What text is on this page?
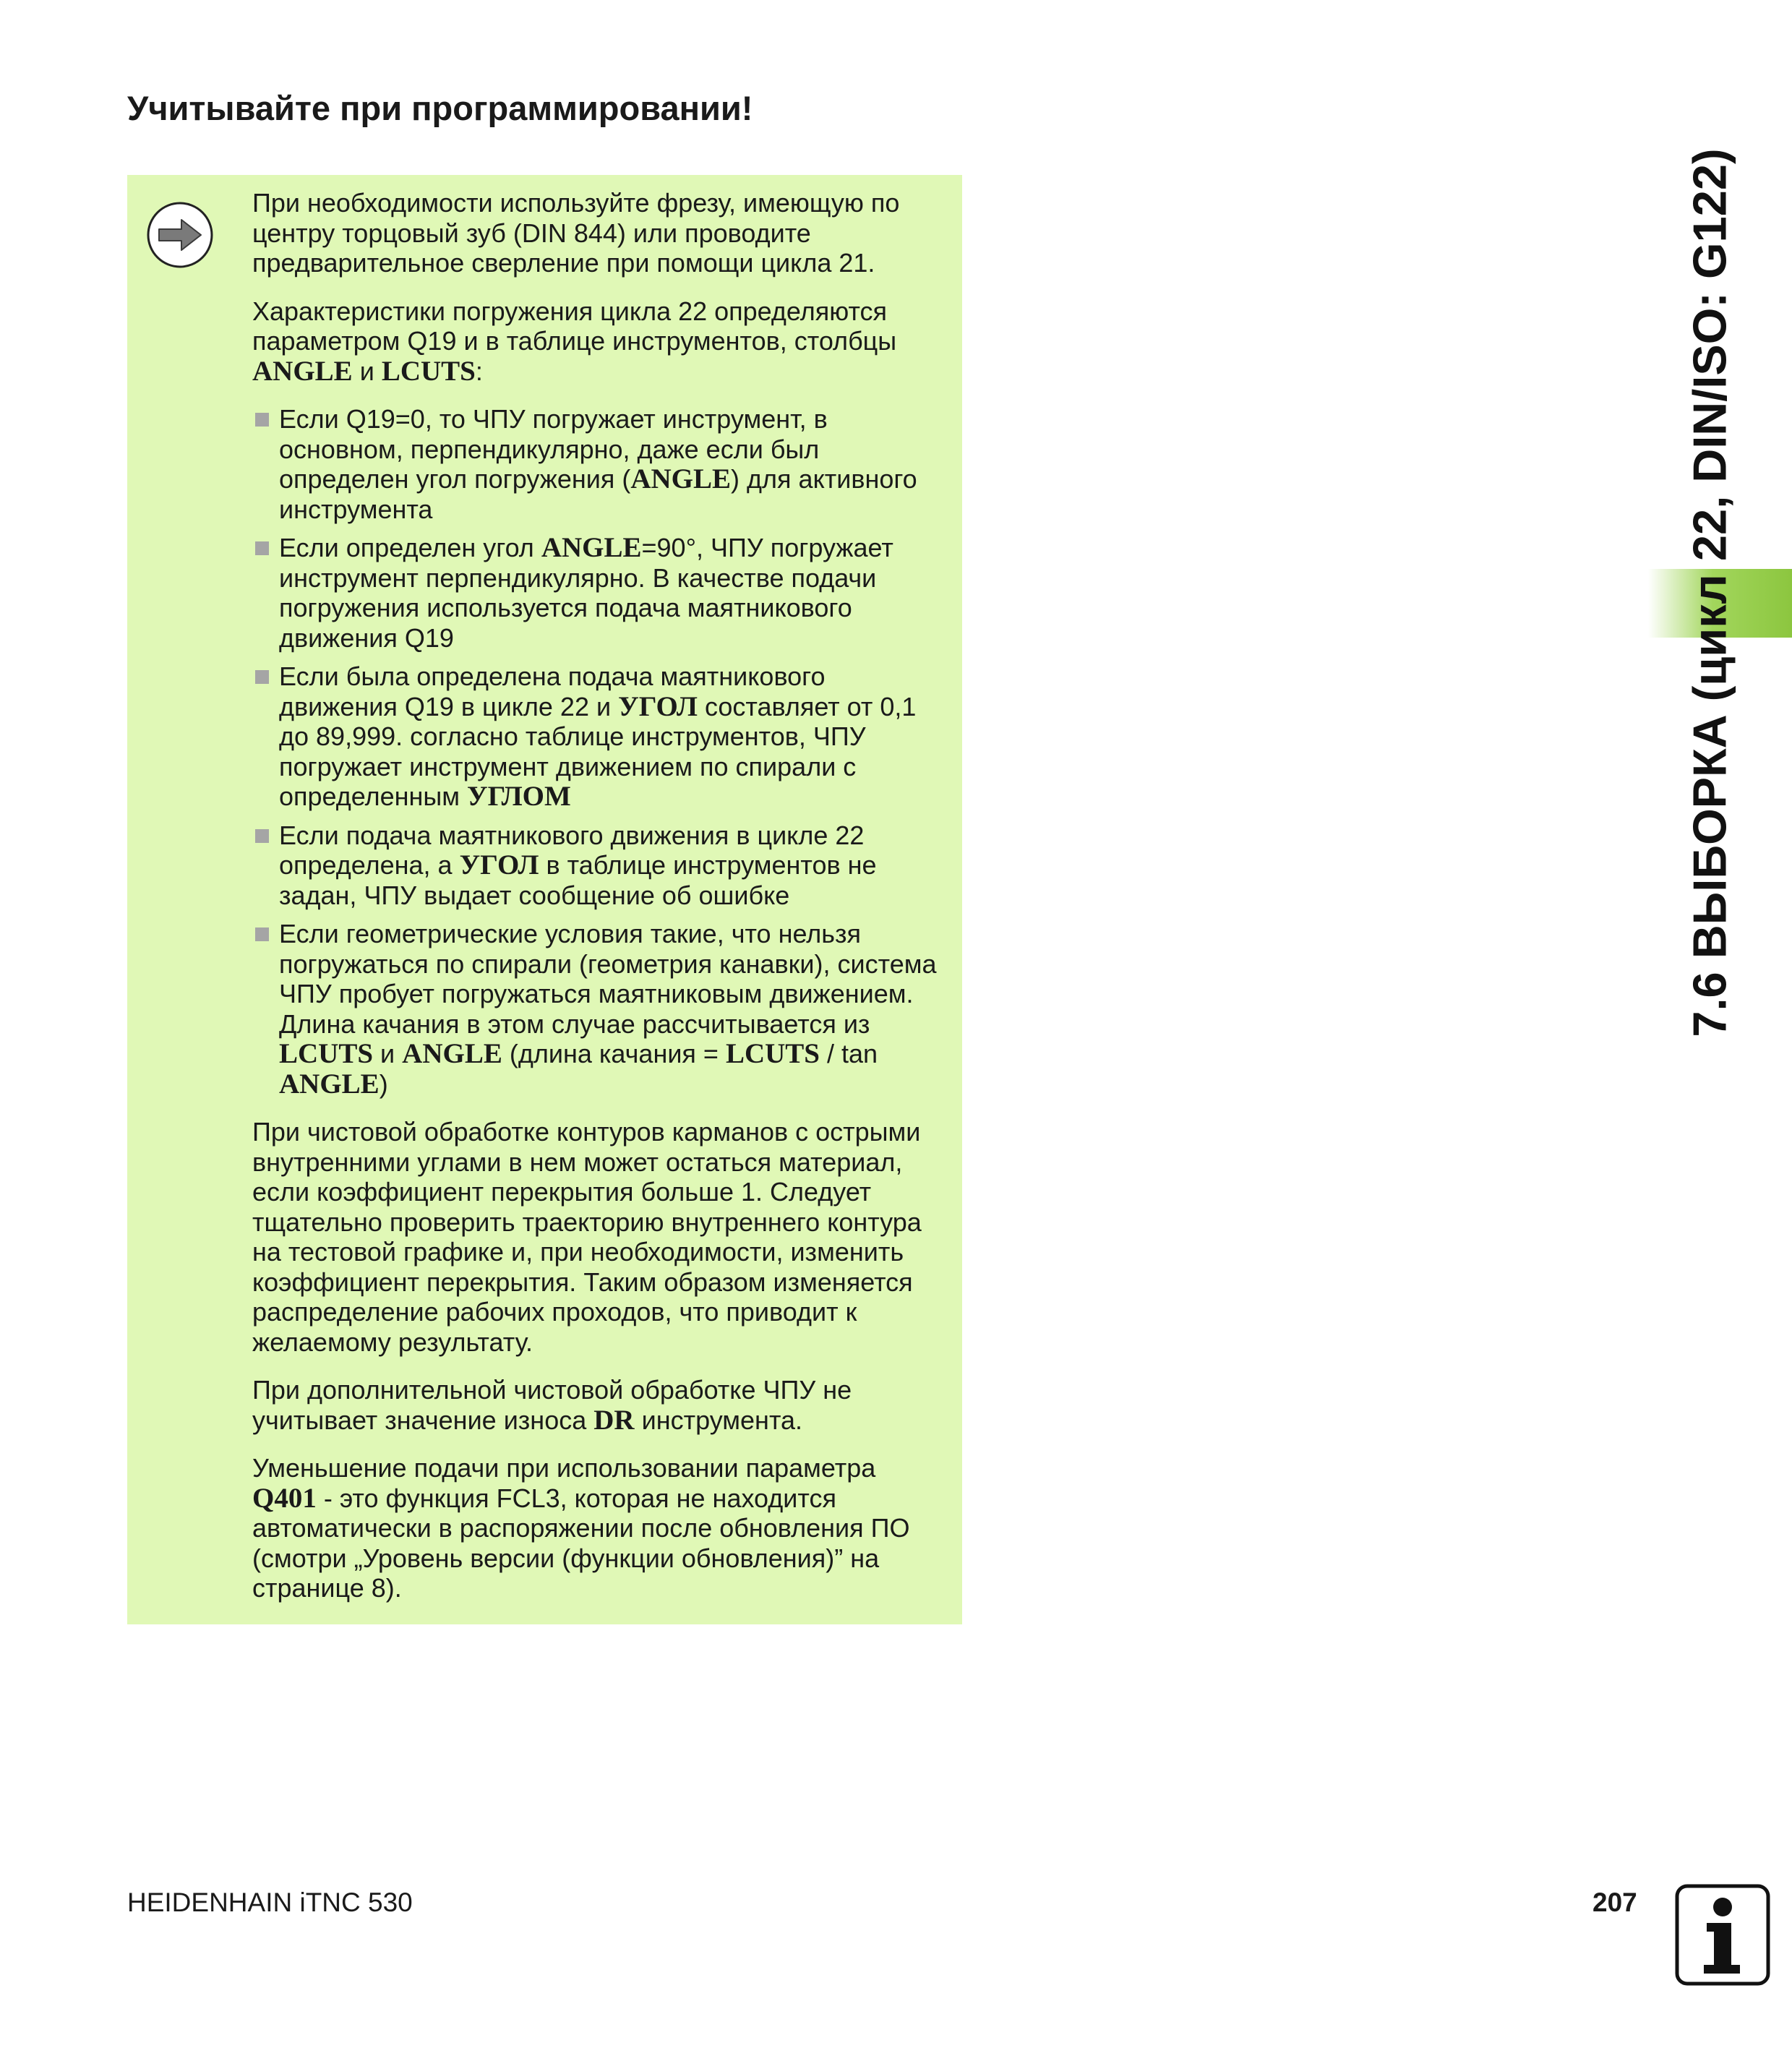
Учитывайте при программировании!

При необходимости используйте фрезу, имеющую по центру торцовый зуб (DIN 844) или проводите предварительное сверление при помощи цикла 21.

Характеристики погружения цикла 22 определяются параметром Q19 и в таблице инструментов, столбцы ANGLE и LCUTS:

Если Q19=0, то ЧПУ погружает инструмент, в основном, перпендикулярно, даже если был определен угол погружения (ANGLE) для активного инструмента
Если определен угол ANGLE=90°, ЧПУ погружает инструмент перпендикулярно. В качестве подачи погружения используется подача маятникового движения Q19
Если была определена подача маятникового движения Q19 в цикле 22 и УГОЛ составляет от 0,1 до 89,999. согласно таблице инструментов, ЧПУ погружает инструмент движением по спирали с определенным УГЛОМ
Если подача маятникового движения в цикле 22 определена, а УГОЛ в таблице инструментов не задан, ЧПУ выдает сообщение об ошибке
Если геометрические условия такие, что нельзя погружаться по спирали (геометрия канавки), система ЧПУ пробует погружаться маятниковым движением. Длина качания в этом случае рассчитывается из LCUTS и ANGLE (длина качания = LCUTS / tan ANGLE)

При чистовой обработке контуров карманов с острыми внутренними углами в нем может остаться материал, если коэффициент перекрытия больше 1. Следует тщательно проверить траекторию внутреннего контура на тестовой графике и, при необходимости, изменить коэффициент перекрытия. Таким образом изменяется распределение рабочих проходов, что приводит к желаемому результату.

При дополнительной чистовой обработке ЧПУ не учитывает значение износа DR инструмента.

Уменьшение подачи при использовании параметра Q401 - это функция FCL3, которая не находится автоматически в распоряжении после обновления ПО (смотри „Уровень версии (функции обновления)” на странице 8).

7.6 ВЫБОРКА (цикл 22, DIN/ISO: G122)
HEIDENHAIN iTNC 530	207
